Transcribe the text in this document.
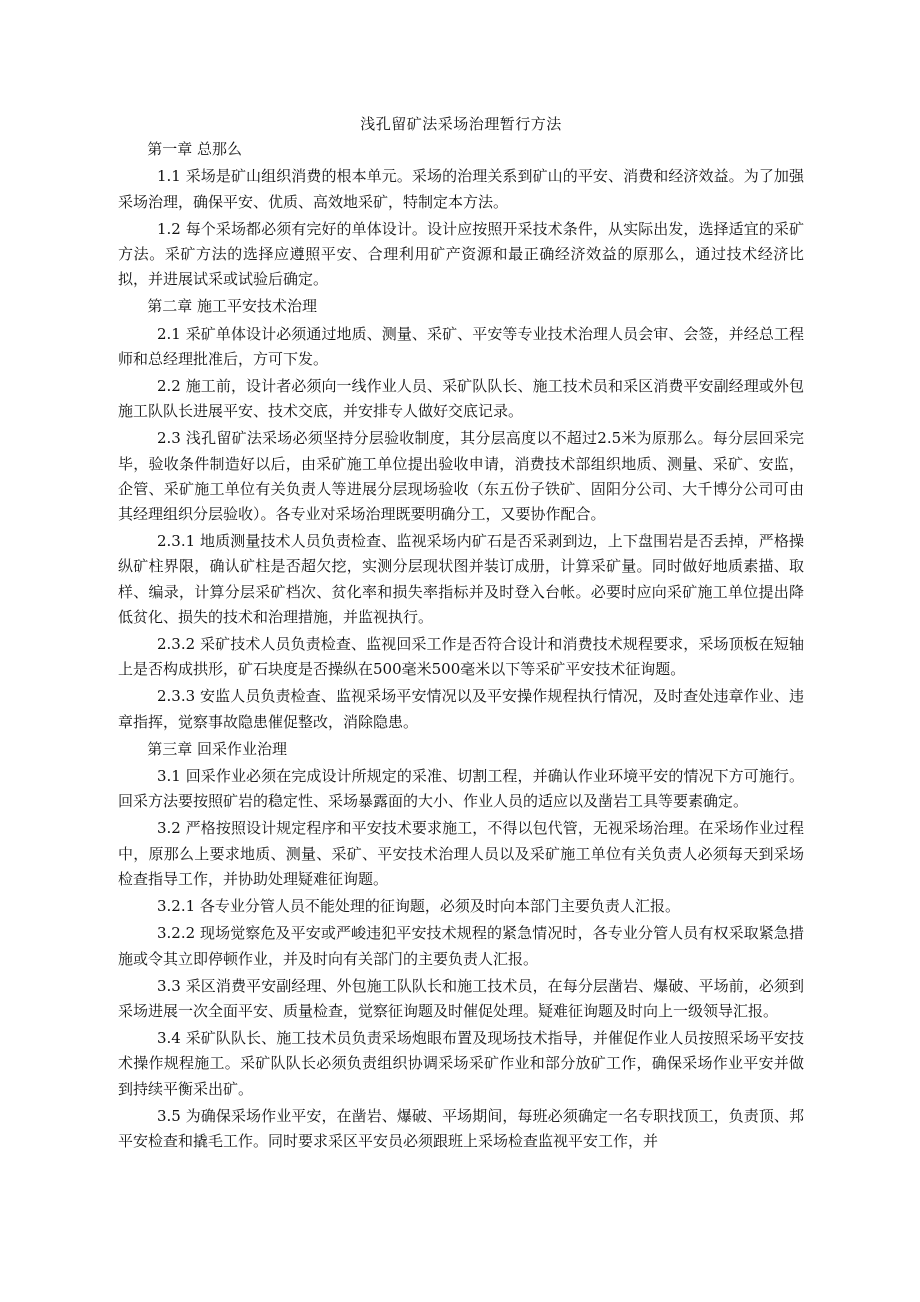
浅孔留矿法采场治理暂行方法

第一章 总那么

1.1 采场是矿山组织消费的根本单元。采场的治理关系到矿山的平安、消费和经济效益。为了加强采场治理，确保平安、优质、高效地采矿，特制定本方法。

1.2 每个采场都必须有完好的单体设计。设计应按照开采技术条件，从实际出发，选择适宜的采矿方法。采矿方法的选择应遵照平安、合理利用矿产资源和最正确经济效益的原那么，通过技术经济比拟，并进展试采或试验后确定。

第二章 施工平安技术治理

2.1 采矿单体设计必须通过地质、测量、采矿、平安等专业技术治理人员会审、会签，并经总工程师和总经理批准后，方可下发。

2.2 施工前，设计者必须向一线作业人员、采矿队队长、施工技术员和采区消费平安副经理或外包施工队队长进展平安、技术交底，并安排专人做好交底记录。

2.3 浅孔留矿法采场必须坚持分层验收制度，其分层高度以不超过2.5米为原那么。每分层回采完毕，验收条件制造好以后，由采矿施工单位提出验收申请，消费技术部组织地质、测量、采矿、安监，企管、采矿施工单位有关负责人等进展分层现场验收（东五份子铁矿、固阳分公司、大千博分公司可由其经理组织分层验收）。各专业对采场治理既要明确分工，又要协作配合。

2.3.1 地质测量技术人员负责检查、监视采场内矿石是否采剥到边，上下盘围岩是否丢掉，严格操纵矿柱界限，确认矿柱是否超欠挖，实测分层现状图并装订成册，计算采矿量。同时做好地质素描、取样、编录，计算分层采矿档次、贫化率和损失率指标并及时登入台帐。必要时应向采矿施工单位提出降低贫化、损失的技术和治理措施，并监视执行。

2.3.2 采矿技术人员负责检查、监视回采工作是否符合设计和消费技术规程要求，采场顶板在短轴上是否构成拱形，矿石块度是否操纵在500毫米500毫米以下等采矿平安技术征询题。

2.3.3 安监人员负责检查、监视采场平安情况以及平安操作规程执行情况，及时查处违章作业、违章指挥，觉察事故隐患催促整改，消除隐患。

第三章 回采作业治理

3.1 回采作业必须在完成设计所规定的采准、切割工程，并确认作业环境平安的情况下方可施行。回采方法要按照矿岩的稳定性、采场暴露面的大小、作业人员的适应以及凿岩工具等要素确定。

3.2 严格按照设计规定程序和平安技术要求施工，不得以包代管，无视采场治理。在采场作业过程中，原那么上要求地质、测量、采矿、平安技术治理人员以及采矿施工单位有关负责人必须每天到采场检查指导工作，并协助处理疑难征询题。

3.2.1 各专业分管人员不能处理的征询题，必须及时向本部门主要负责人汇报。

3.2.2 现场觉察危及平安或严峻违犯平安技术规程的紧急情况时，各专业分管人员有权采取紧急措施或令其立即停顿作业，并及时向有关部门的主要负责人汇报。

3.3 采区消费平安副经理、外包施工队队长和施工技术员，在每分层凿岩、爆破、平场前，必须到采场进展一次全面平安、质量检查，觉察征询题及时催促处理。疑难征询题及时向上一级领导汇报。

3.4 采矿队队长、施工技术员负责采场炮眼布置及现场技术指导，并催促作业人员按照采场平安技术操作规程施工。采矿队队长必须负责组织协调采场采矿作业和部分放矿工作，确保采场作业平安并做到持续平衡采出矿。

3.5 为确保采场作业平安，在凿岩、爆破、平场期间，每班必须确定一名专职找顶工，负责顶、邦平安检查和撬毛工作。同时要求采区平安员必须跟班上采场检查监视平安工作，并
